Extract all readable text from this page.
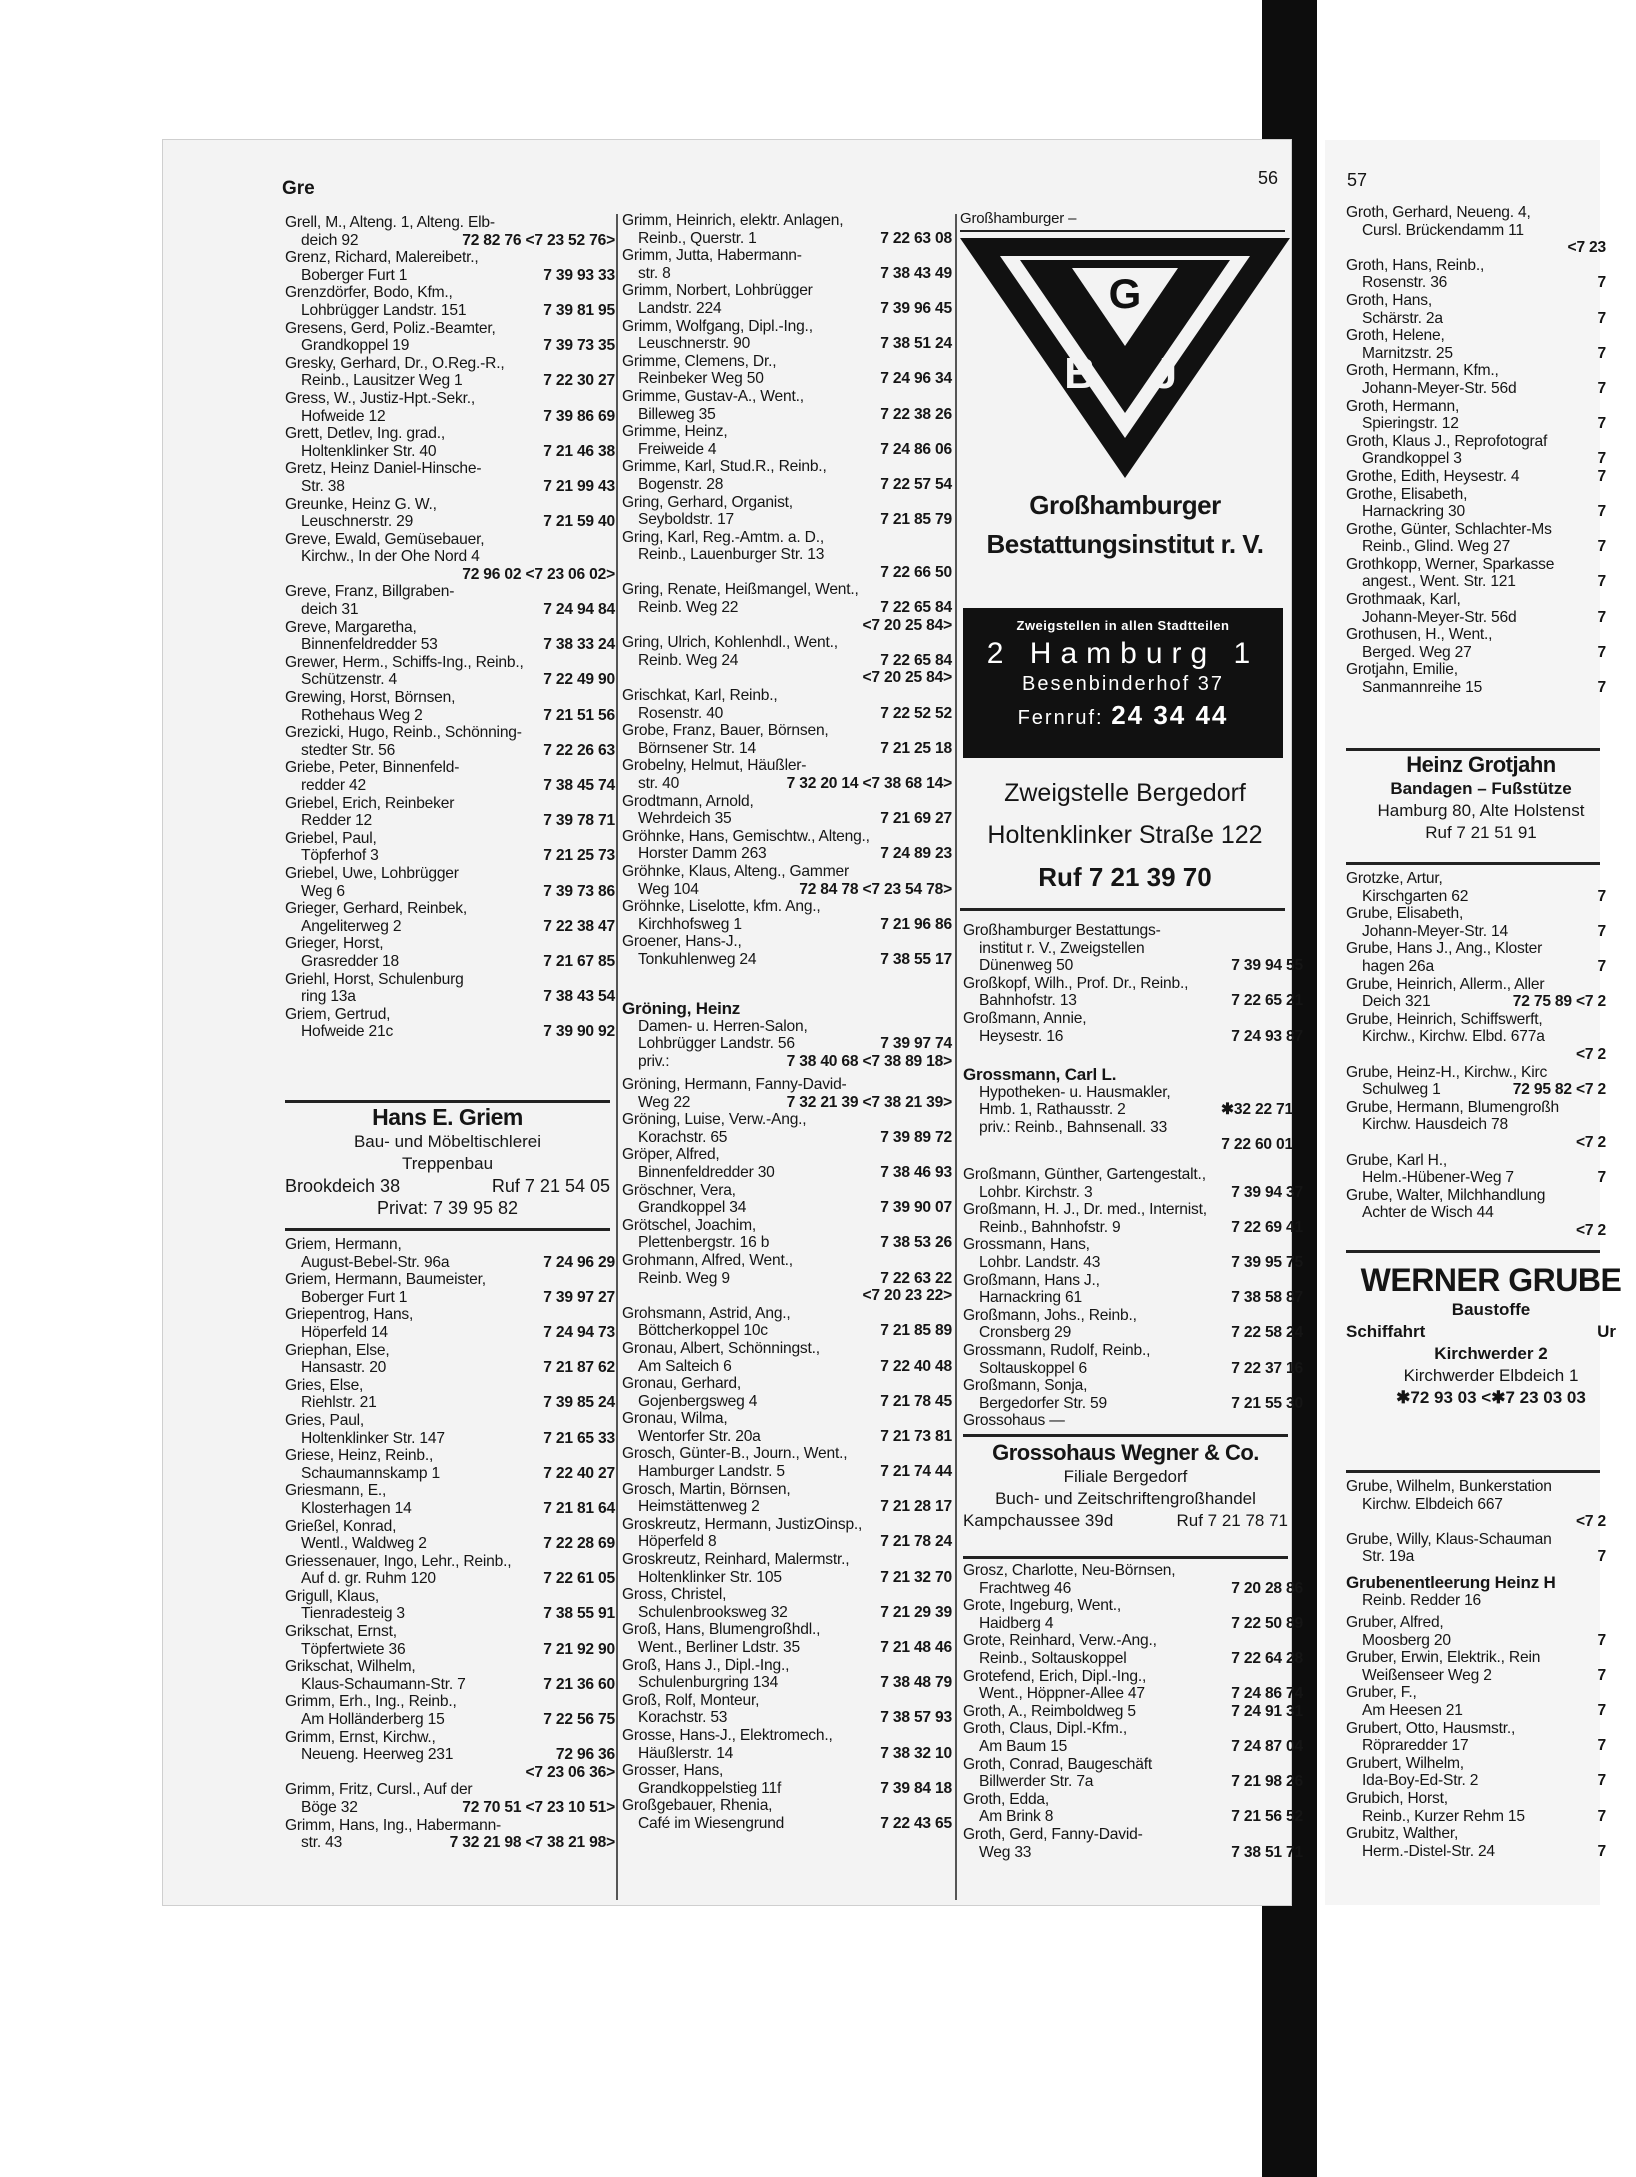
Gre	56	57
Grell, M., Alteng. 1, Alteng. Elb-
deich 92	72 82 76 <7 23 52 76>
Grenz, Richard, Malereibetr.,
Boberger Furt 1	7 39 93 33
Grenzdörfer, Bodo, Kfm.,
Lohbrügger Landstr. 151	7 39 81 95
Gresens, Gerd, Poliz.-Beamter,
Grandkoppel 19	7 39 73 35
Gresky, Gerhard, Dr., O.Reg.-R.,
Reinb., Lausitzer Weg 1	7 22 30 27
Gress, W., Justiz-Hpt.-Sekr.,
Hofweide 12	7 39 86 69
Grett, Detlev, Ing. grad.,
Holtenklinker Str. 40	7 21 46 38
Gretz, Heinz Daniel-Hinsche-
Str. 38	7 21 99 43
Greunke, Heinz G. W.,
Leuschnerstr. 29	7 21 59 40
Greve, Ewald, Gemüsebauer,
Kirchw., In der Ohe Nord 4
72 96 02 <7 23 06 02>
Greve, Franz, Billgraben-
deich 31	7 24 94 84
Greve, Margaretha,
Binnenfeldredder 53	7 38 33 24
Grewer, Herm., Schiffs-Ing., Reinb.,
Schützenstr. 4	7 22 49 90
Grewing, Horst, Börnsen,
Rothehaus Weg 2	7 21 51 56
Grezicki, Hugo, Reinb., Schönning-
stedter Str. 56	7 22 26 63
Griebe, Peter, Binnenfeld-
redder 42	7 38 45 74
Griebel, Erich, Reinbeker
Redder 12	7 39 78 71
Griebel, Paul,
Töpferhof 3	7 21 25 73
Griebel, Uwe, Lohbrügger
Weg 6	7 39 73 86
Grieger, Gerhard, Reinbek,
Angeliterweg 2	7 22 38 47
Grieger, Horst,
Grasredder 18	7 21 67 85
Griehl, Horst, Schulenburg
ring 13a	7 38 43 54
Griem, Gertrud,
Hofweide 21c	7 39 90 92
Hans E. Griem
Bau- und Möbeltischlerei
Treppenbau
Brookdeich 38	Ruf 7 21 54 05
Privat: 7 39 95 82
Griem, Hermann,
August-Bebel-Str. 96a	7 24 96 29
Griem, Hermann, Baumeister,
Boberger Furt 1	7 39 97 27
Griepentrog, Hans,
Höperfeld 14	7 24 94 73
Griephan, Else,
Hansastr. 20	7 21 87 62
Gries, Else,
Riehlstr. 21	7 39 85 24
Gries, Paul,
Holtenklinker Str. 147	7 21 65 33
Griese, Heinz, Reinb.,
Schaumannskamp 1	7 22 40 27
Griesmann, E.,
Klosterhagen 14	7 21 81 64
Grießel, Konrad,
Wentl., Waldweg 2	7 22 28 69
Griessenauer, Ingo, Lehr., Reinb.,
Auf d. gr. Ruhm 120	7 22 61 05
Grigull, Klaus,
Tienradesteig 3	7 38 55 91
Grikschat, Ernst,
Töpfertwiete 36	7 21 92 90
Grikschat, Wilhelm,
Klaus-Schaumann-Str. 7	7 21 36 60
Grimm, Erh., Ing., Reinb.,
Am Holländerberg 15	7 22 56 75
Grimm, Ernst, Kirchw.,
Neueng. Heerweg 231	72 96 36
<7 23 06 36>
Grimm, Fritz, Cursl., Auf der
Böge 32	72 70 51 <7 23 10 51>
Grimm, Hans, Ing., Habermann-
str. 43	7 32 21 98 <7 38 21 98>
Grimm, Heinrich, elektr. Anlagen,
Reinb., Querstr. 1	7 22 63 08
Grimm, Jutta, Habermann-
str. 8	7 38 43 49
Grimm, Norbert, Lohbrügger
Landstr. 224	7 39 96 45
Grimm, Wolfgang, Dipl.-Ing.,
Leuschnerstr. 90	7 38 51 24
Grimme, Clemens, Dr.,
Reinbeker Weg 50	7 24 96 34
Grimme, Gustav-A., Went.,
Billeweg 35	7 22 38 26
Grimme, Heinz,
Freiweide 4	7 24 86 06
Grimme, Karl, Stud.R., Reinb.,
Bogenstr. 28	7 22 57 54
Gring, Gerhard, Organist,
Seyboldstr. 17	7 21 85 79
Gring, Karl, Reg.-Amtm. a. D.,
Reinb., Lauenburger Str. 13
7 22 66 50
Gring, Renate, Heißmangel, Went.,
Reinb. Weg 22	7 22 65 84
<7 20 25 84>
Gring, Ulrich, Kohlenhdl., Went.,
Reinb. Weg 24	7 22 65 84
<7 20 25 84>
Grischkat, Karl, Reinb.,
Rosenstr. 40	7 22 52 52
Grobe, Franz, Bauer, Börnsen,
Börnsener Str. 14	7 21 25 18
Grobelny, Helmut, Häußler-
str. 40	7 32 20 14 <7 38 68 14>
Grodtmann, Arnold,
Wehrdeich 35	7 21 69 27
Gröhnke, Hans, Gemischtw., Alteng.,
Horster Damm 263	7 24 89 23
Gröhnke, Klaus, Alteng., Gammer
Weg 104	72 84 78 <7 23 54 78>
Gröhnke, Liselotte, kfm. Ang.,
Kirchhofsweg 1	7 21 96 86
Groener, Hans-J.,
Tonkuhlenweg 24	7 38 55 17
Gröning, Heinz
Damen- u. Herren-Salon,
Lohbrügger Landstr. 56	7 39 97 74

priv.:	7 38 40 68 <7 38 89 18>
Gröning, Hermann, Fanny-David-
Weg 22	7 32 21 39 <7 38 21 39>
Gröning, Luise, Verw.-Ang.,
Korachstr. 65	7 39 89 72
Gröper, Alfred,
Binnenfeldredder 30	7 38 46 93
Gröschner, Vera,
Grandkoppel 34	7 39 90 07
Grötschel, Joachim,
Plettenbergstr. 16 b	7 38 53 26
Grohmann, Alfred, Went.,
Reinb. Weg 9	7 22 63 22
<7 20 23 22>
Grohsmann, Astrid, Ang.,
Böttcherkoppel 10c	7 21 85 89
Gronau, Albert, Schönningst.,
Am Salteich 6	7 22 40 48
Gronau, Gerhard,
Gojenbergsweg 4	7 21 78 45
Gronau, Wilma,
Wentorfer Str. 20a	7 21 73 81
Grosch, Günter-B., Journ., Went.,
Hamburger Landstr. 5	7 21 74 44
Grosch, Martin, Börnsen,
Heimstättenweg 2	7 21 28 17
Groskreutz, Hermann, JustizOinsp.,
Höperfeld 8	7 21 78 24
Groskreutz, Reinhard, Malermstr.,
Holtenklinker Str. 105	7 21 32 70
Gross, Christel,
Schulenbrooksweg 32	7 21 29 39
Groß, Hans, Blumengroßhdl.,
Went., Berliner Ldstr. 35	7 21 48 46
Groß, Hans J., Dipl.-Ing.,
Schulenburgring 134	7 38 48 79
Groß, Rolf, Monteur,
Korachstr. 53	7 38 57 93
Grosse, Hans-J., Elektromech.,
Häußlerstr. 14	7 38 32 10
Grosser, Hans,
Grandkoppelstieg 11f	7 39 84 18
Großgebauer, Rhenia,
Café im Wiesengrund	7 22 43 65
Großhamburger –
G
B J
Großhamburger
Bestattungsinstitut r. V.
Zweigstellen in allen Stadtteilen
2 Hamburg 1
Besenbinderhof 37
Fernruf: 24 34 44
Zweigstelle Bergedorf
Holtenklinker Straße 122
Ruf 7 21 39 70
Großhamburger Bestattungs-
institut r. V., Zweigstellen
Dünenweg 50	7 39 94 55
Großkopf, Wilh., Prof. Dr., Reinb.,
Bahnhofstr. 13	7 22 65 21
Großmann, Annie,
Heysestr. 16	7 24 93 87
Grossmann, Carl L.
Hypotheken- u. Hausmakler,
Hmb. 1, Rathausstr. 2	✱32 22 71

priv.: Reinb., Bahnsenall. 33

7 22 60 01

Großmann, Günther, Gartengestalt.,
Lohbr. Kirchstr. 3	7 39 94 37
Großmann, H. J., Dr. med., Internist,
Reinb., Bahnhofstr. 9	7 22 69 41
Grossmann, Hans,
Lohbr. Landstr. 43	7 39 95 75
Großmann, Hans J.,
Harnackring 61	7 38 58 87
Großmann, Johs., Reinb.,
Cronsberg 29	7 22 58 24
Grossmann, Rudolf, Reinb.,
Soltauskoppel 6	7 22 37 16
Großmann, Sonja,
Bergedorfer Str. 59	7 21 55 30
Grossohaus —
Grossohaus Wegner & Co.
Filiale Bergedorf
Buch- und Zeitschriftengroßhandel
Kampchaussee 39d	Ruf 7 21 78 71
Grosz, Charlotte, Neu-Börnsen,
Frachtweg 46	7 20 28 86
Grote, Ingeburg, Went.,
Haidberg 4	7 22 50 89
Grote, Reinhard, Verw.-Ang.,
Reinb., Soltauskoppel	7 22 64 28
Grotefend, Erich, Dipl.-Ing.,
Went., Höppner-Allee 47	7 24 86 74
Groth, A., Reimboldweg 5	7 24 91 31
Groth, Claus, Dipl.-Kfm.,
Am Baum 15	7 24 87 04
Groth, Conrad, Baugeschäft
Billwerder Str. 7a	7 21 98 26
Groth, Edda,
Am Brink 8	7 21 56 52
Groth, Gerd, Fanny-David-
Weg 33	7 38 51 71
Groth, Gerhard, Neueng. 4,
Cursl. Brückendamm 11
<7 23
Groth, Hans, Reinb.,
Rosenstr. 36	7
Groth, Hans,
Schärstr. 2a	7
Groth, Helene,
Marnitzstr. 25	7
Groth, Hermann, Kfm.,
Johann-Meyer-Str. 56d	7
Groth, Hermann,
Spieringstr. 12	7
Groth, Klaus J., Reprofotograf
Grandkoppel 3	7
Grothe, Edith, Heysestr. 4	7
Grothe, Elisabeth,
Harnackring 30	7
Grothe, Günter, Schlachter-Ms
Reinb., Glind. Weg 27	7
Grothkopp, Werner, Sparkasse
angest., Went. Str. 121	7
Grothmaak, Karl,
Johann-Meyer-Str. 56d	7
Grothusen, H., Went.,
Berged. Weg 27	7
Grotjahn, Emilie,
Sanmannreihe 15	7
Heinz Grotjahn
Bandagen – Fußstütze
Hamburg 80, Alte Holstenst
Ruf 7 21 51 91
Grotzke, Artur,
Kirschgarten 62	7
Grube, Elisabeth,
Johann-Meyer-Str. 14	7
Grube, Hans J., Ang., Kloster
hagen 26a	7
Grube, Heinrich, Allerm., Aller
Deich 321	72 75 89 <7 2
Grube, Heinrich, Schiffswerft,
Kirchw., Kirchw. Elbd. 677a
<7 2
Grube, Heinz-H., Kirchw., Kirc
Schulweg 1	72 95 82 <7 2
Grube, Hermann, Blumengroßh
Kirchw. Hausdeich 78
<7 2
Grube, Karl H.,
Helm.-Hübener-Weg 7	7
Grube, Walter, Milchhandlung
Achter de Wisch 44
<7 2
WERNER GRUBE
Baustoffe
Schiffahrt	Ur
Kirchwerder 2
Kirchwerder Elbdeich 1
✱72 93 03 <✱7 23 03 03
Grube, Wilhelm, Bunkerstation
Kirchw. Elbdeich 667
<7 2
Grube, Willy, Klaus-Schauman
Str. 19a	7
Grubenentleerung Heinz H
Reinb. Redder 16
Gruber, Alfred,
Moosberg 20	7
Gruber, Erwin, Elektrik., Rein
Weißenseer Weg 2	7
Gruber, F.,
Am Heesen 21	7
Grubert, Otto, Hausmstr.,
Röpraredder 17	7
Grubert, Wilhelm,
Ida-Boy-Ed-Str. 2	7
Grubich, Horst,
Reinb., Kurzer Rehm 15	7
Grubitz, Walther,
Herm.-Distel-Str. 24	7
